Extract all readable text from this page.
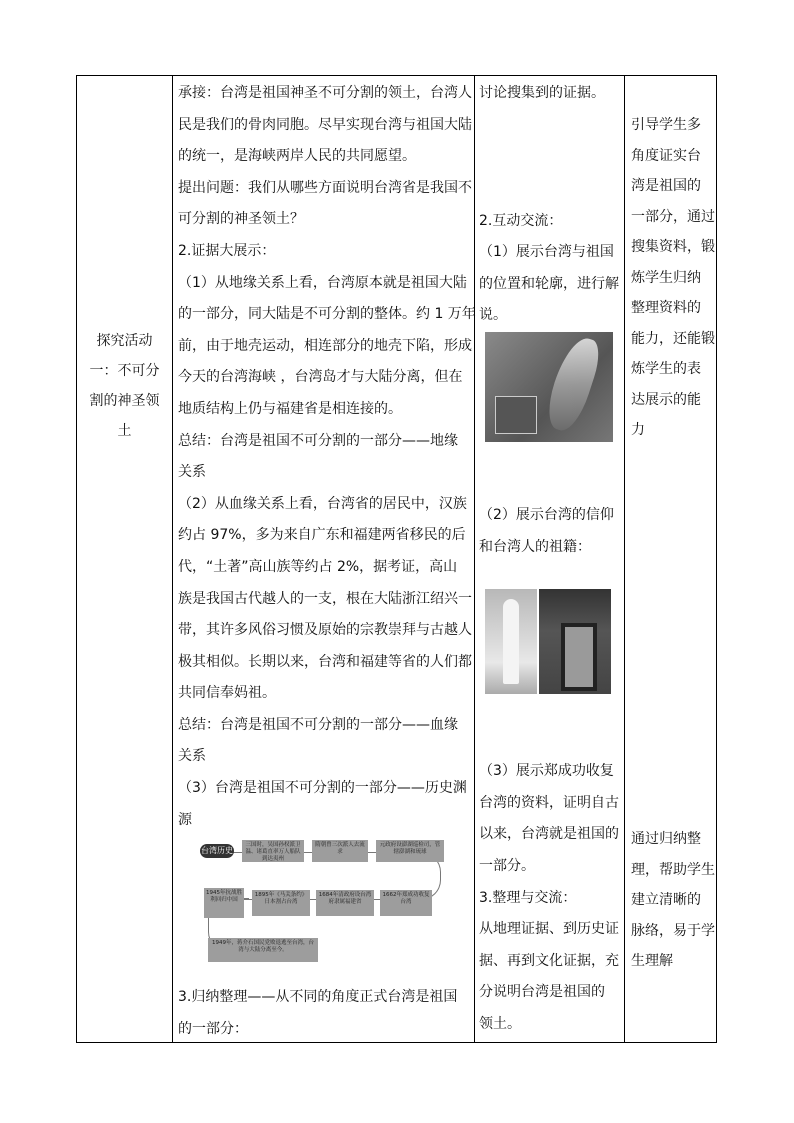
探究活动
一：不可分
割的神圣领
土

承接：台湾是祖国神圣不可分割的领土，台湾人

民是我们的骨肉同胞。尽早实现台湾与祖国大陆

的统一，是海峡两岸人民的共同愿望。

提出问题：我们从哪些方面说明台湾省是我国不

可分割的神圣领土？

2.证据大展示：

（1）从地缘关系上看，台湾原本就是祖国大陆

的一部分，同大陆是不可分割的整体。约 1 万年

前，由于地壳运动，相连部分的地壳下陷，形成

今天的台湾海峡 ，台湾岛才与大陆分离，但在

地质结构上仍与福建省是相连接的。

总结：台湾是祖国不可分割的一部分——地缘

关系

（2）从血缘关系上看，台湾省的居民中，汉族

约占 97%，多为来自广东和福建两省移民的后

代，“土著”高山族等约占 2%，据考证，高山

族是我国古代越人的一支，根在大陆浙江绍兴一

带，其许多风俗习惯及原始的宗教崇拜与古越人

极其相似。长期以来，台湾和福建等省的人们都

共同信奉妈祖。

总结：台湾是祖国不可分割的一部分——血缘

关系

（3）台湾是祖国不可分割的一部分——历史渊

源

台湾历史
三国时，吴国孙权派卫温、诸葛直率万人船队到达夷州
隋朝曾三次派人去流求
元政府设澎湖巡检司，管辖澎湖和琉球
1945年抗战胜利回归中国
1895年《马关条约》日本割占台湾
1684年清政府设台湾府隶属福建省
1662年郑成功收复台湾
1949年，蒋介石国民党败退逃至台湾，台湾与大陆分离至今。

3.归纳整理——从不同的角度正式台湾是祖国

的一部分：

讨论搜集到的证据。

2.互动交流：

（1）展示台湾与祖国

的位置和轮廓，进行解

说。

（2）展示台湾的信仰

和台湾人的祖籍：

（3）展示郑成功收复

台湾的资料，证明自古

以来，台湾就是祖国的

一部分。

3.整理与交流：

从地理证据、到历史证

据、再到文化证据，充

分说明台湾是祖国的

领土。

引导学生多
角度证实台
湾是祖国的
一部分，通过
搜集资料，锻
炼学生归纳
整理资料的
能力，还能锻
炼学生的表
达展示的能
力
通过归纳整
理，帮助学生
建立清晰的
脉络，易于学
生理解
